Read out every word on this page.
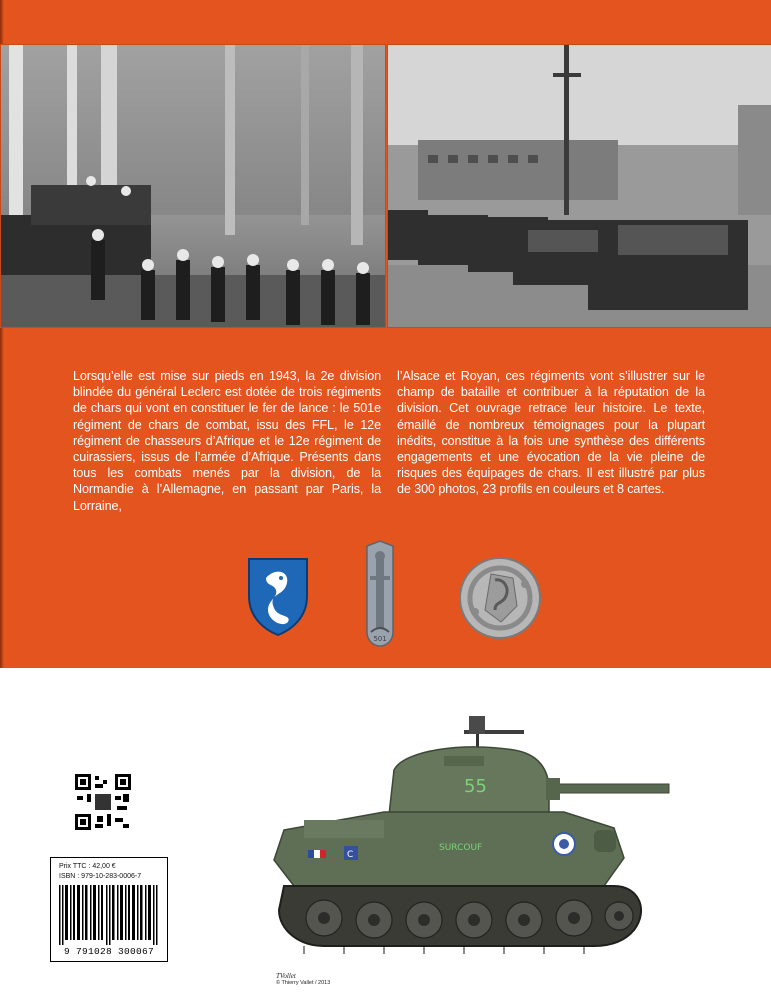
Lorsqu’elle est mise sur pieds en 1943, la 2e division blindée du général Leclerc est dotée de trois régiments de chars qui vont en constituer le fer de lance : le 501e régiment de chars de combat, issu des FFL, le 12e régiment de chasseurs d’Afrique et le 12e régiment de cuirassiers, issus de l’armée d’Afrique. Présents dans tous les combats menés par la division, de la Normandie à l’Allemagne, en passant par Paris, la Lorraine,
l’Alsace et Royan, ces régiments vont s’illustrer sur le champ de bataille et contribuer à la réputation de la division. Cet ouvrage retrace leur histoire. Le texte, émaillé de nombreux témoignages pour la plupart inédits, constitue à la fois une synthèse des différents engagements et une évocation de la vie pleine de risques des équipages de chars. Il est illustré par plus de 300 photos, 23 profils en couleurs et 8 cartes.
501
Prix TTC : 42,00 €
ISBN : 979-10-283-0006-7
9 791028 300067
55
SURCOUF
C
TVollet
© Thierry Vallet / 2013
